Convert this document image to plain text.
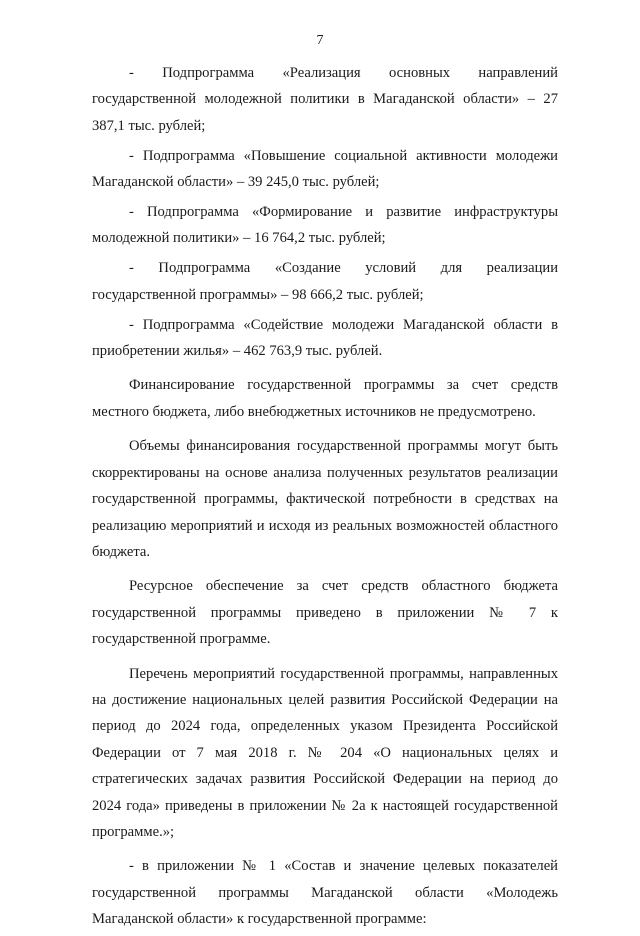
7

- Подпрограмма «Реализация основных направлений государственной молодежной политики в Магаданской области» – 27 387,1 тыс. рублей;

- Подпрограмма «Повышение социальной активности молодежи Магаданской области» – 39 245,0 тыс. рублей;

- Подпрограмма «Формирование и развитие инфраструктуры молодежной политики» – 16 764,2 тыс. рублей;

- Подпрограмма «Создание условий для реализации государственной программы» – 98 666,2 тыс. рублей;

- Подпрограмма «Содействие молодежи Магаданской области в приобретении жилья» – 462 763,9 тыс. рублей.

Финансирование государственной программы за счет средств местного бюджета, либо внебюджетных источников не предусмотрено.

Объемы финансирования государственной программы могут быть скорректированы на основе анализа полученных результатов реализации государственной программы, фактической потребности в средствах на реализацию мероприятий и исходя из реальных возможностей областного бюджета.

Ресурсное обеспечение за счет средств областного бюджета государственной программы приведено в приложении № 7 к государственной программе.

Перечень мероприятий государственной программы, направленных на достижение национальных целей развития Российской Федерации на период до 2024 года, определенных указом Президента Российской Федерации от 7 мая 2018 г. № 204 «О национальных целях и стратегических задачах развития Российской Федерации на период до 2024 года» приведены в приложении № 2а к настоящей государственной программе.»;

- в приложении № 1 «Состав и значение целевых показателей государственной программы Магаданской области «Молодежь Магаданской области» к государственной программе:
